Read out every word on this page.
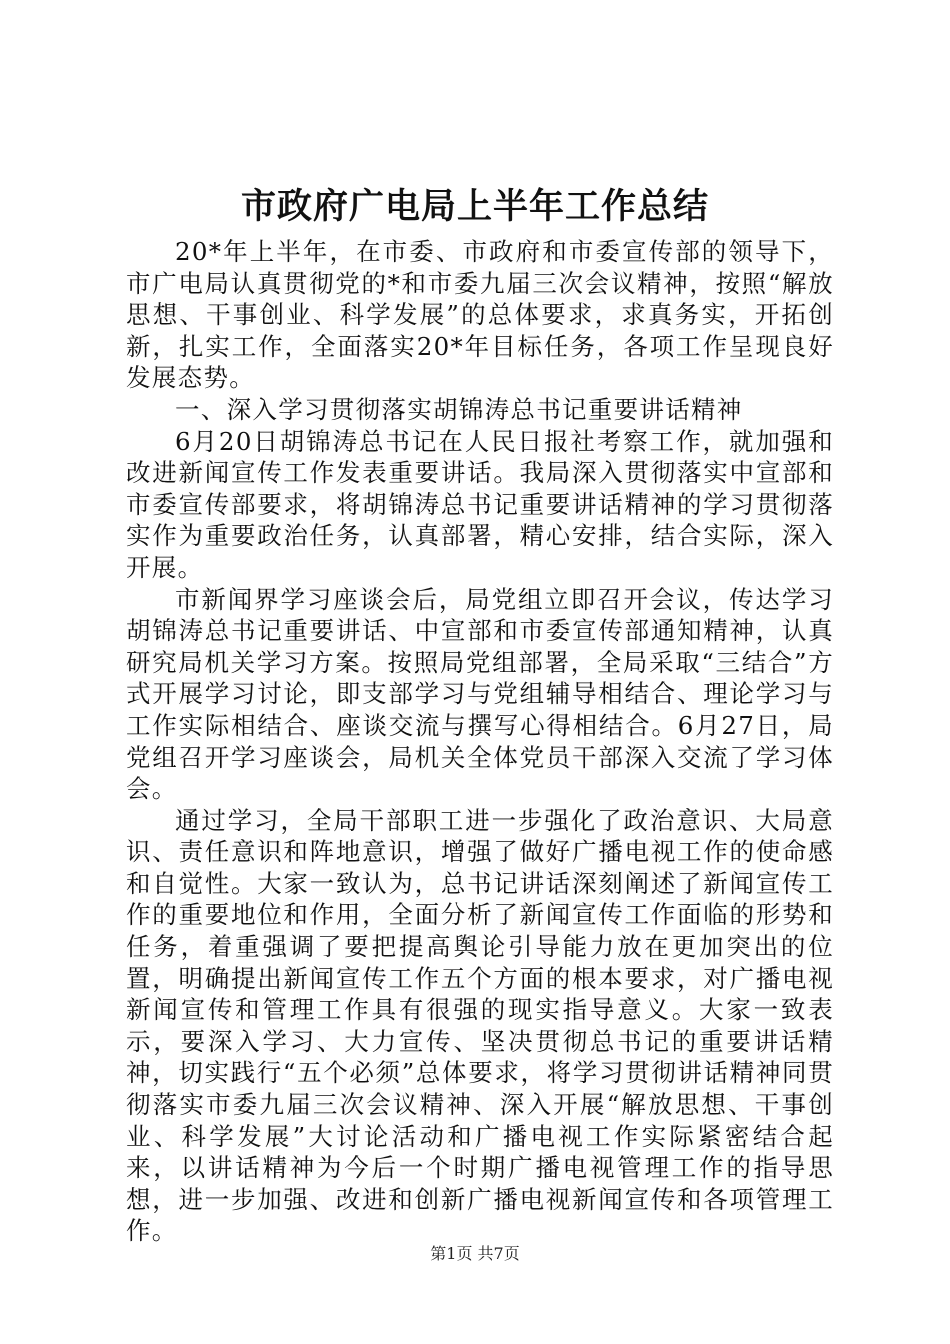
市政府广电局上半年工作总结

20*年上半年，在市委、市政府和市委宣传部的领导下，市广电局认真贯彻党的*和市委九届三次会议精神，按照“解放思想、干事创业、科学发展”的总体要求，求真务实，开拓创新，扎实工作，全面落实20*年目标任务，各项工作呈现良好发展态势。

一、深入学习贯彻落实胡锦涛总书记重要讲话精神

6月20日胡锦涛总书记在人民日报社考察工作，就加强和改进新闻宣传工作发表重要讲话。我局深入贯彻落实中宣部和市委宣传部要求，将胡锦涛总书记重要讲话精神的学习贯彻落实作为重要政治任务，认真部署，精心安排，结合实际，深入开展。

市新闻界学习座谈会后，局党组立即召开会议，传达学习胡锦涛总书记重要讲话、中宣部和市委宣传部通知精神，认真研究局机关学习方案。按照局党组部署，全局采取“三结合”方式开展学习讨论，即支部学习与党组辅导相结合、理论学习与工作实际相结合、座谈交流与撰写心得相结合。6月27日，局党组召开学习座谈会，局机关全体党员干部深入交流了学习体会。

通过学习，全局干部职工进一步强化了政治意识、大局意识、责任意识和阵地意识，增强了做好广播电视工作的使命感和自觉性。大家一致认为，总书记讲话深刻阐述了新闻宣传工作的重要地位和作用，全面分析了新闻宣传工作面临的形势和任务，着重强调了要把提高舆论引导能力放在更加突出的位置，明确提出新闻宣传工作五个方面的根本要求，对广播电视新闻宣传和管理工作具有很强的现实指导意义。大家一致表示，要深入学习、大力宣传、坚决贯彻总书记的重要讲话精神，切实践行“五个必须”总体要求，将学习贯彻讲话精神同贯彻落实市委九届三次会议精神、深入开展“解放思想、干事创业、科学发展”大讨论活动和广播电视工作实际紧密结合起来，以讲话精神为今后一个时期广播电视管理工作的指导思想，进一步加强、改进和创新广播电视新闻宣传和各项管理工作。

第1页 共7页
